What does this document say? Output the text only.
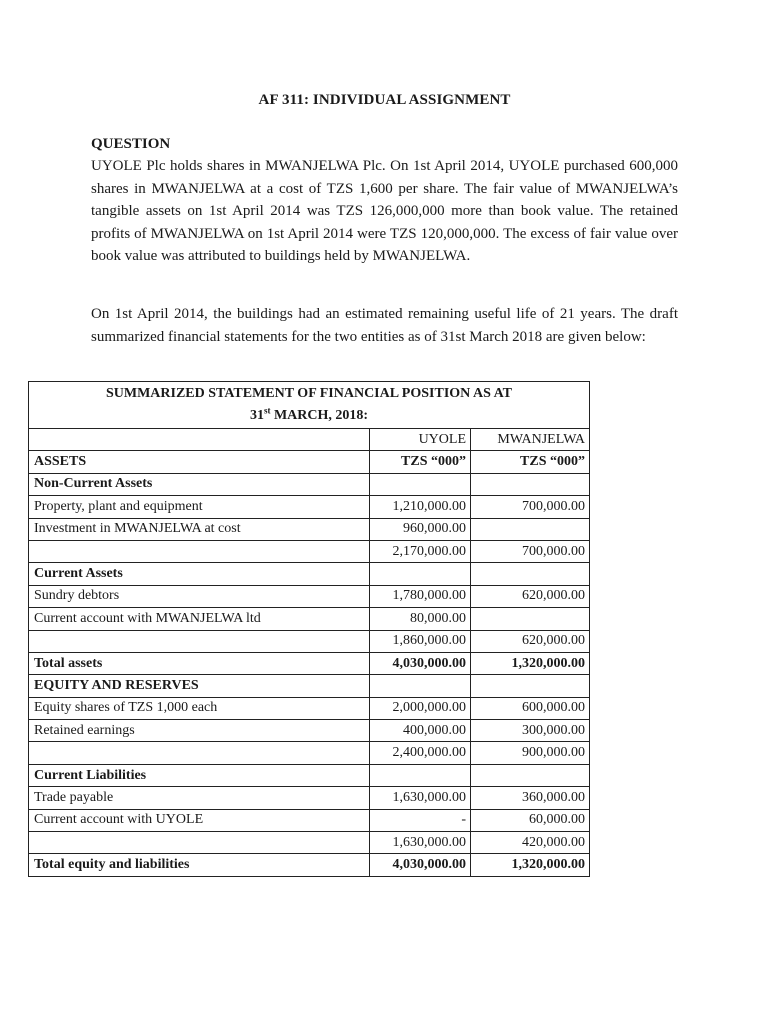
AF 311: INDIVIDUAL ASSIGNMENT
QUESTION

UYOLE Plc holds shares in MWANJELWA Plc. On 1st April 2014, UYOLE purchased 600,000 shares in MWANJELWA at a cost of TZS 1,600 per share. The fair value of MWANJELWA’s tangible assets on 1st April 2014 was TZS 126,000,000 more than book value. The retained profits of MWANJELWA on 1st April 2014 were TZS 120,000,000. The excess of fair value over book value was attributed to buildings held by MWANJELWA.

On 1st April 2014, the buildings had an estimated remaining useful life of 21 years. The draft summarized financial statements for the two entities as of 31st March 2018 are given below:

SUMMARIZED STATEMENT OF FINANCIAL POSITION AS AT
31st MARCH, 2018:		
	UYOLE	MWANJELWA
ASSETS	TZS “000”	TZS “000”
Non-Current Assets		
Property, plant and equipment	1,210,000.00	700,000.00
Investment in MWANJELWA at cost	960,000.00	
	2,170,000.00	700,000.00
Current Assets		
Sundry debtors	1,780,000.00	620,000.00
Current account with MWANJELWA ltd	80,000.00	
	1,860,000.00	620,000.00
Total assets	4,030,000.00	1,320,000.00
EQUITY AND RESERVES		
Equity shares of TZS 1,000 each	2,000,000.00	600,000.00
Retained earnings	400,000.00	300,000.00
	2,400,000.00	900,000.00
Current Liabilities		
Trade payable	1,630,000.00	360,000.00
Current account with UYOLE	-	60,000.00
	1,630,000.00	420,000.00
Total equity and liabilities	4,030,000.00	1,320,000.00
